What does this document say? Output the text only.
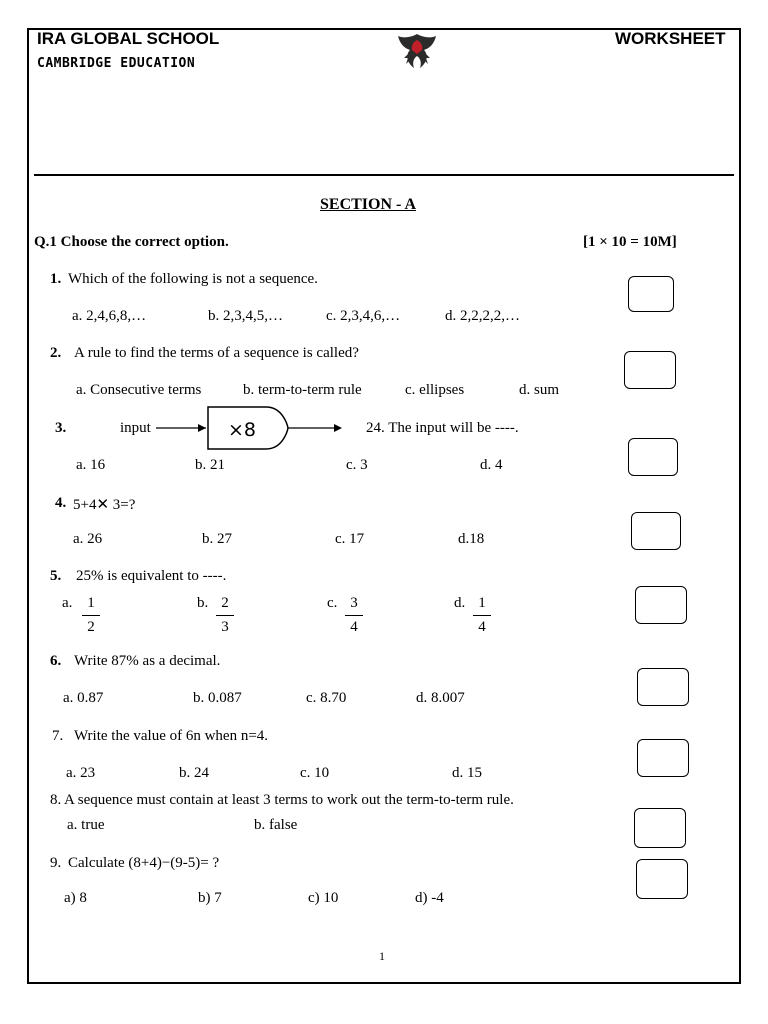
IRA GLOBAL SCHOOL
CAMBRIDGE EDUCATION
WORKSHEET
SECTION - A
Q.1 Choose the correct option.	[1 × 10 = 10M]
1. Which of the following is not a sequence.
a. 2,4,6,8,…	b. 2,3,4,5,…	c. 2,3,4,6,…	d. 2,2,2,2,…
2. A rule to find the terms of a sequence is called?
a. Consecutive terms	b. term-to-term rule	c. ellipses	d. sum
3.	input	×8	24. The input will be ----.
a. 16	b. 21	c. 3	d. 4
4. 5+4✕ 3=?
a. 26	b. 27	c. 17	d.18
5. 25% is equivalent to ----.
a. 1
2
b. 2
3
c. 3
4
d. 1
4
6. Write 87% as a decimal.
a. 0.87	b. 0.087	c. 8.70	d. 8.007
7. Write the value of 6n when n=4.
a. 23	b. 24	c. 10	d. 15
8. A sequence must contain at least 3 terms to work out the term-to-term rule.
a. true	b. false
9. Calculate (8+4)−(9-5)= ?
a) 8	b) 7	c) 10	d) -4
1
